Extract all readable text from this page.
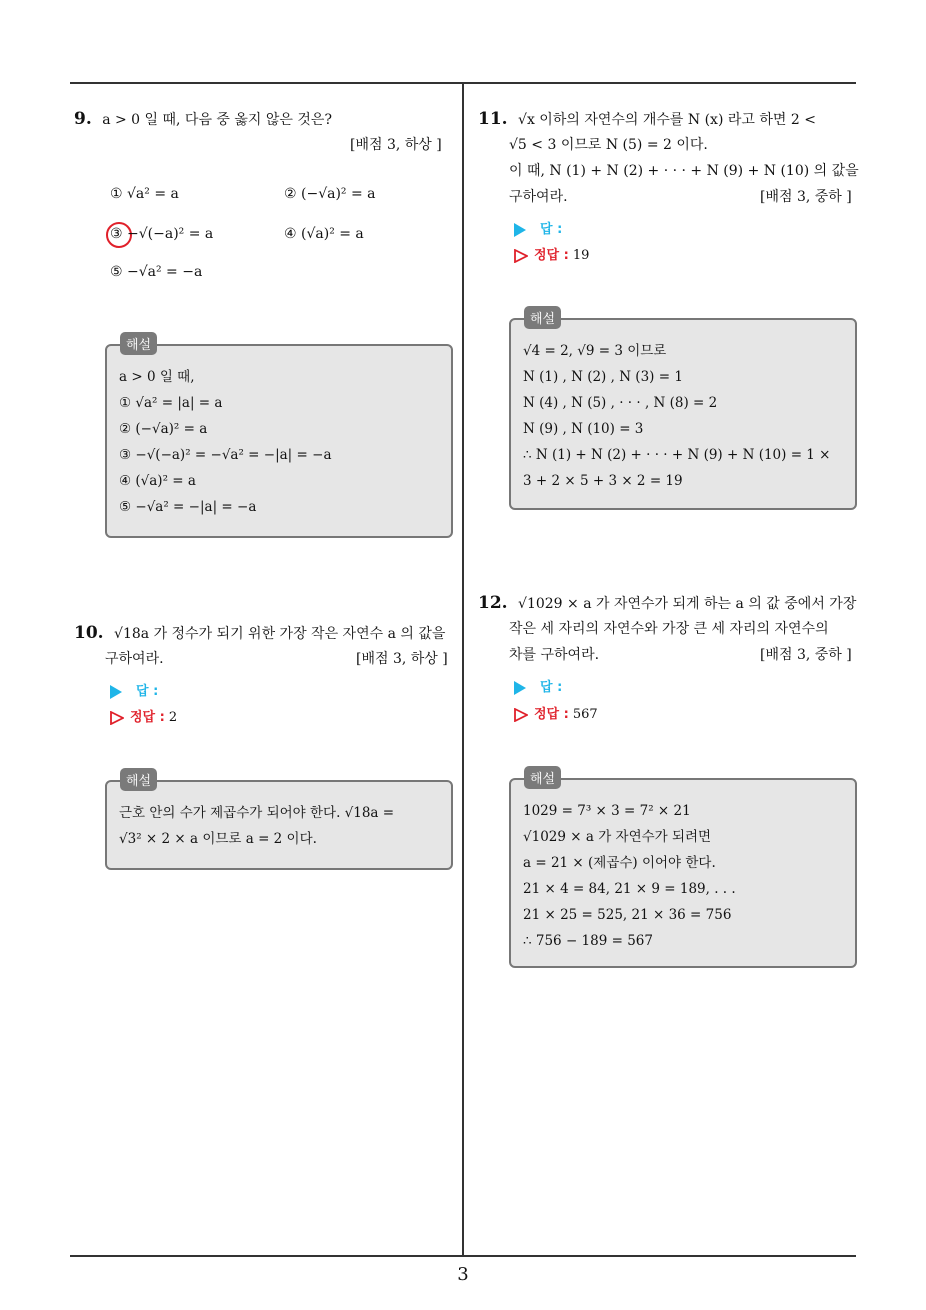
9. a > 0 일 때, 다음 중 옳지 않은 것은?
[배점 3, 하상 ]
① √a² = a	② (−√a)² = a
③ −√(−a)² = a	④ (√a)² = a
⑤ −√a² = −a
a > 0 일 때,
① √a² = |a| = a
② (−√a)² = a
③ −√(−a)² = −√a² = −|a| = −a
④ (√a)² = a
⑤ −√a² = −|a| = −a
해설
10. √18a 가 정수가 되기 위한 가장 작은 자연수 a 의 값을
구하여라.	[배점 3, 하상 ]
답 :
정답 : 2
근호 안의 수가 제곱수가 되어야 한다. √18a =
√3² × 2 × a 이므로 a = 2 이다.
해설
11. √x 이하의 자연수의 개수를 N (x) 라고 하면 2 <
√5 < 3 이므로 N (5) = 2 이다.
이 때, N (1) + N (2) + · · · + N (9) + N (10) 의 값을
구하여라.	[배점 3, 중하 ]
답 :
정답 : 19
√4 = 2, √9 = 3 이므로
N (1) , N (2) , N (3) = 1
N (4) , N (5) , · · · , N (8) = 2
N (9) , N (10) = 3
∴ N (1) + N (2) + · · · + N (9) + N (10) = 1 ×
3 + 2 × 5 + 3 × 2 = 19
해설
12. √1029 × a 가 자연수가 되게 하는 a 의 값 중에서 가장
작은 세 자리의 자연수와 가장 큰 세 자리의 자연수의
차를 구하여라.	[배점 3, 중하 ]
답 :
정답 : 567
1029 = 7³ × 3 = 7² × 21
√1029 × a 가 자연수가 되려면
a = 21 × (제곱수) 이어야 한다.
21 × 4 = 84, 21 × 9 = 189, . . .
21 × 25 = 525, 21 × 36 = 756
∴ 756 − 189 = 567
해설
3
